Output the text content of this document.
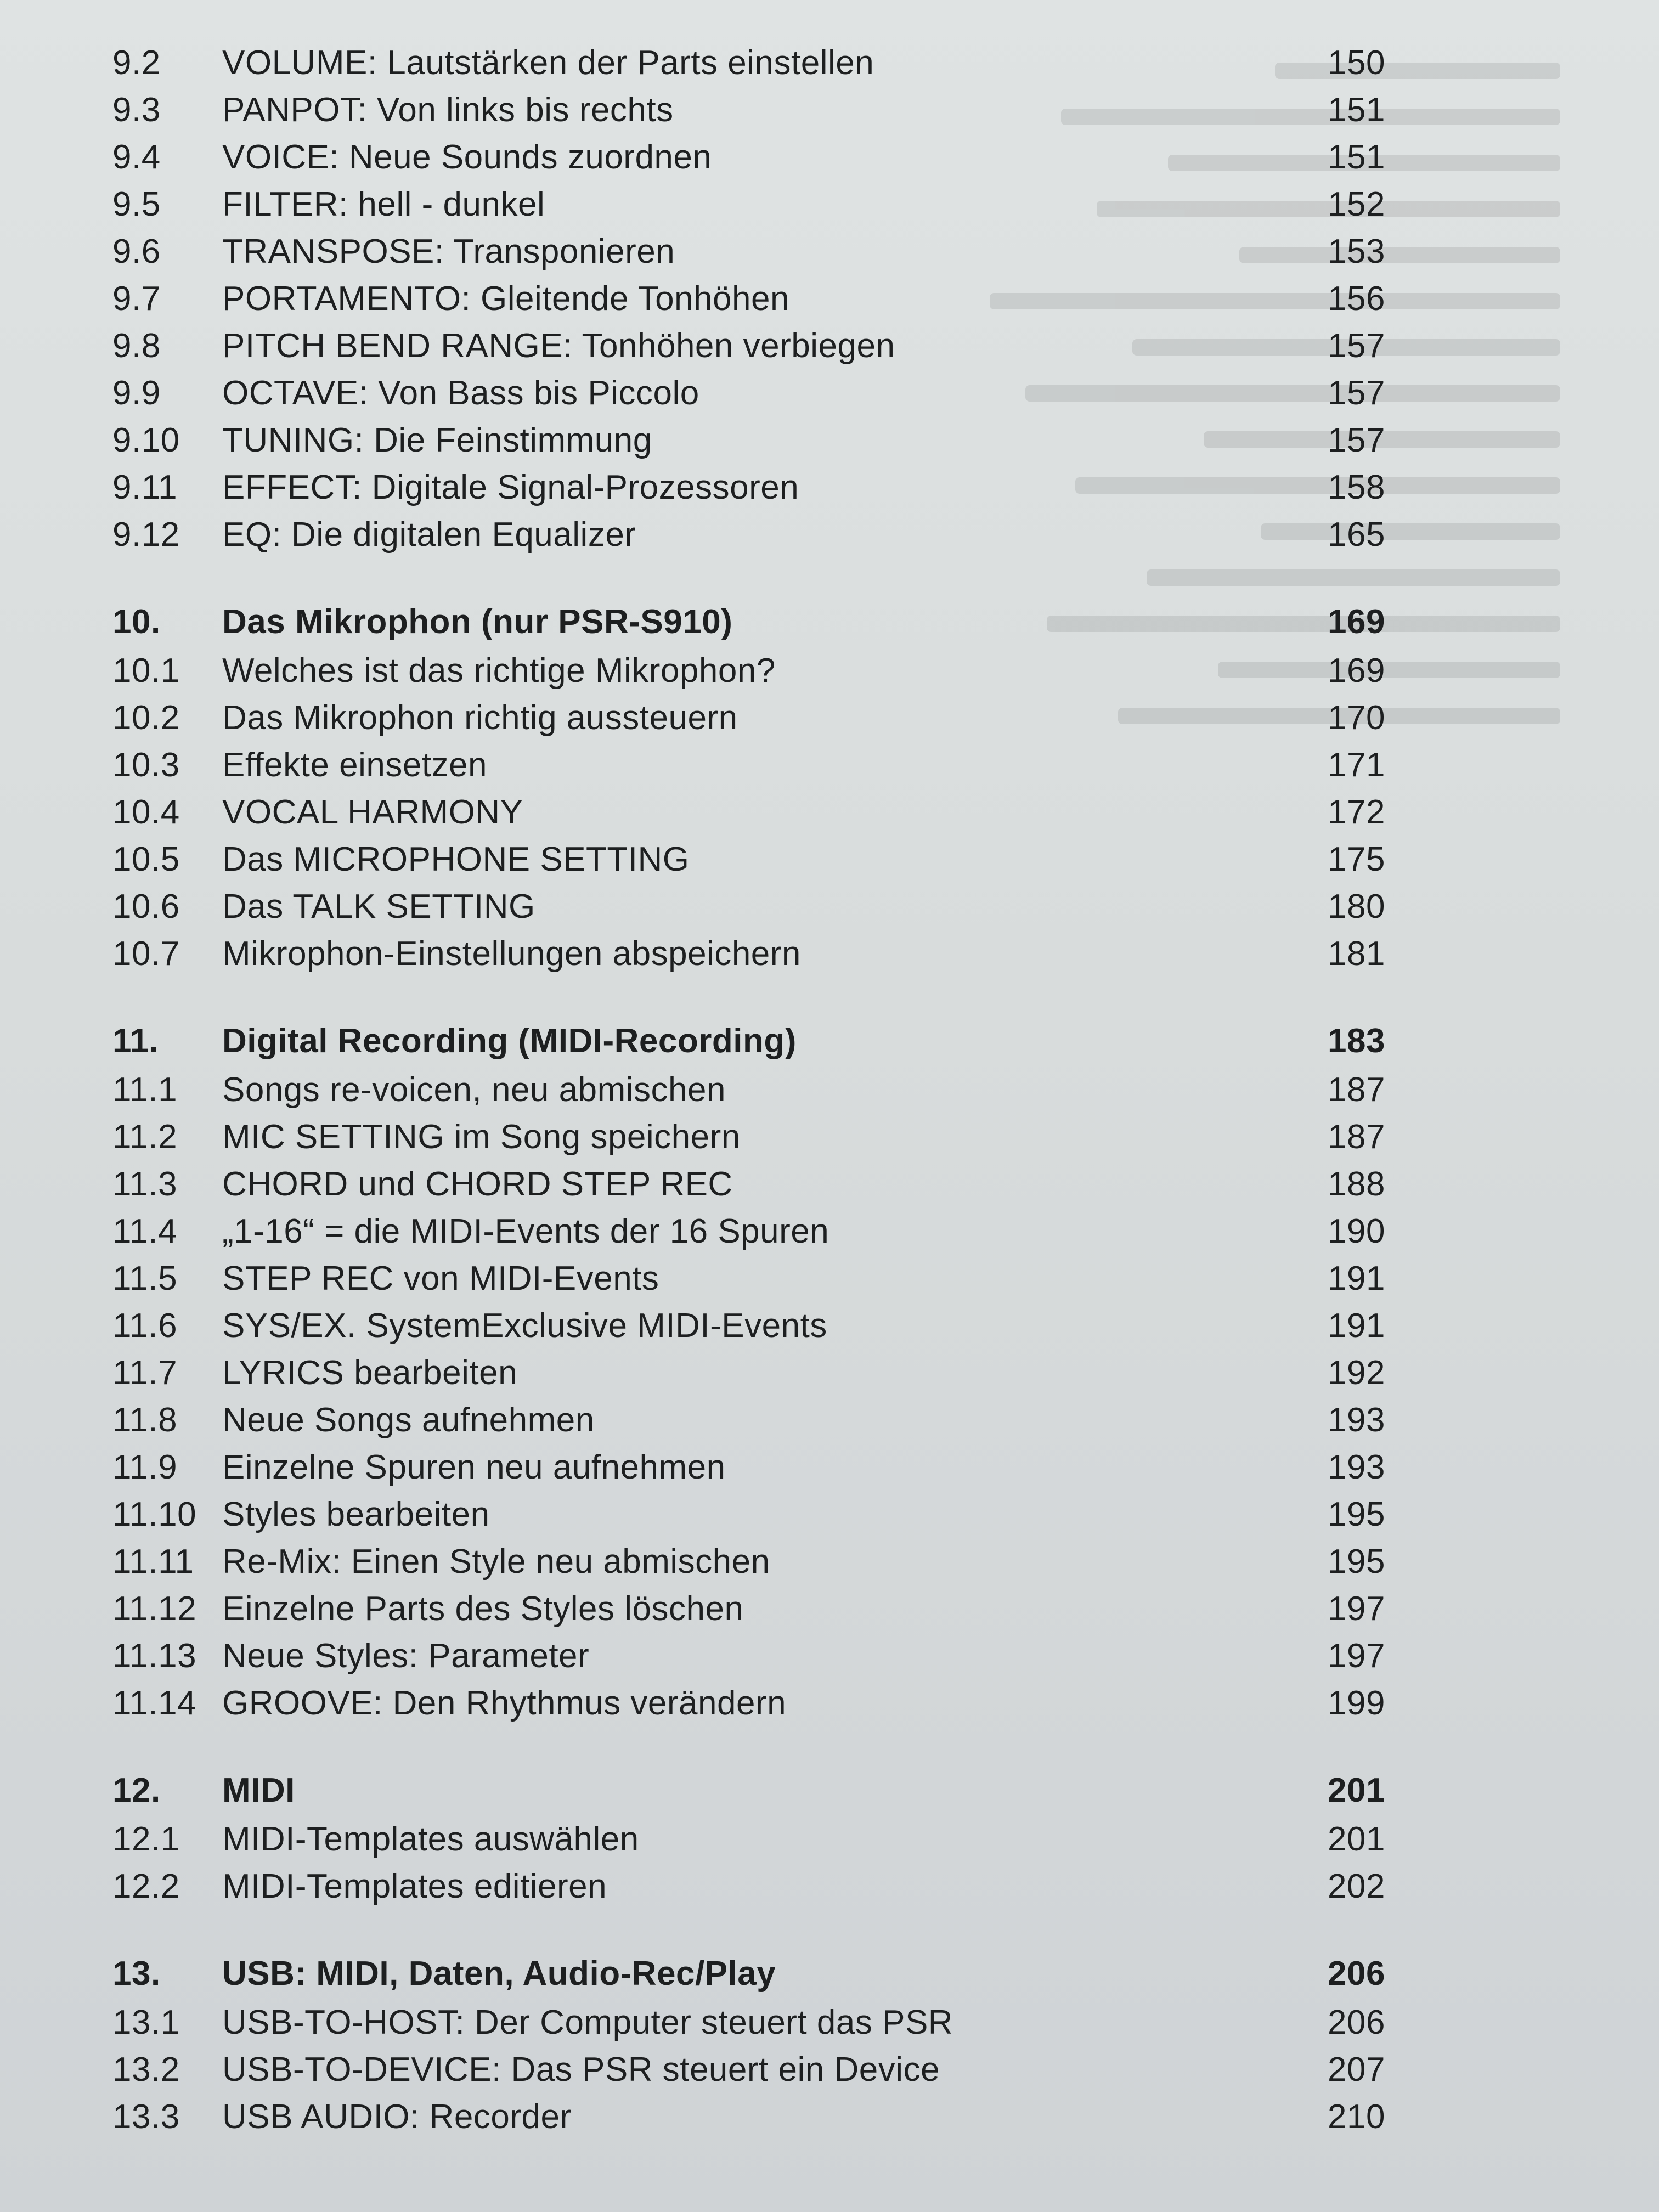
9.2	VOLUME: Lautstärken der Parts einstellen	150
9.3	PANPOT: Von links bis rechts	151
9.4	VOICE: Neue Sounds zuordnen	151
9.5	FILTER: hell - dunkel	152
9.6	TRANSPOSE: Transponieren	153
9.7	PORTAMENTO: Gleitende Tonhöhen	156
9.8	PITCH BEND RANGE: Tonhöhen verbiegen	157
9.9	OCTAVE: Von Bass bis Piccolo	157
9.10	TUNING: Die Feinstimmung	157
9.11	EFFECT: Digitale Signal-Prozessoren	158
9.12	EQ: Die digitalen Equalizer	165
10.	Das Mikrophon (nur PSR-S910)	169
10.1	Welches ist das richtige Mikrophon?	169
10.2	Das Mikrophon richtig aussteuern	170
10.3	Effekte einsetzen	171
10.4	VOCAL HARMONY	172
10.5	Das MICROPHONE SETTING	175
10.6	Das TALK SETTING	180
10.7	Mikrophon-Einstellungen abspeichern	181
11.	Digital Recording (MIDI-Recording)	183
11.1	Songs re-voicen, neu abmischen	187
11.2	MIC SETTING im Song speichern	187
11.3	CHORD und CHORD STEP REC	188
11.4	„1-16“ = die MIDI-Events der 16 Spuren	190
11.5	STEP REC von MIDI-Events	191
11.6	SYS/EX. SystemExclusive MIDI-Events	191
11.7	LYRICS bearbeiten	192
11.8	Neue Songs aufnehmen	193
11.9	Einzelne Spuren neu aufnehmen	193
11.10 Styles bearbeiten	195
11.11 Re-Mix: Einen Style neu abmischen	195
11.12 Einzelne Parts des Styles löschen	197
11.13 Neue Styles: Parameter	197
11.14 GROOVE: Den Rhythmus verändern	199
12.	MIDI	201
12.1	MIDI-Templates auswählen	201
12.2	MIDI-Templates editieren	202
13.	USB: MIDI, Daten, Audio-Rec/Play	206
13.1	USB-TO-HOST: Der Computer steuert das PSR	206
13.2	USB-TO-DEVICE: Das PSR steuert ein Device	207
13.3	USB AUDIO: Recorder	210
